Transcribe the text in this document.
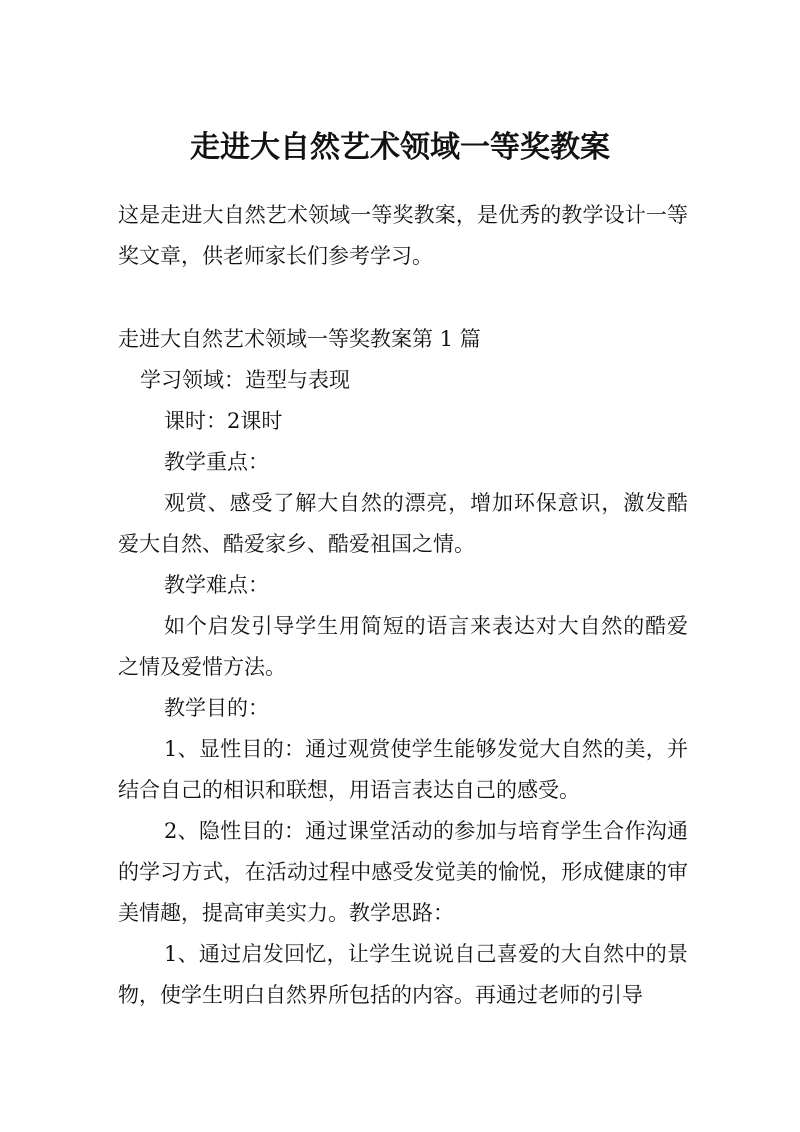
走进大自然艺术领域一等奖教案

这是走进大自然艺术领域一等奖教案，是优秀的教学设计一等奖文章，供老师家长们参考学习。

走进大自然艺术领域一等奖教案第 1 篇

学习领域：造型与表现

课时：2课时

教学重点：

观赏、感受了解大自然的漂亮，增加环保意识，激发酷爱大自然、酷爱家乡、酷爱祖国之情。

教学难点：

如个启发引导学生用简短的语言来表达对大自然的酷爱之情及爱惜方法。

教学目的：

1、显性目的：通过观赏使学生能够发觉大自然的美，并结合自己的相识和联想，用语言表达自己的感受。

2、隐性目的：通过课堂活动的参加与培育学生合作沟通的学习方式，在活动过程中感受发觉美的愉悦，形成健康的审美情趣，提高审美实力。教学思路：

1、通过启发回忆，让学生说说自己喜爱的大自然中的景物，使学生明白自然界所包括的内容。再通过老师的引导
